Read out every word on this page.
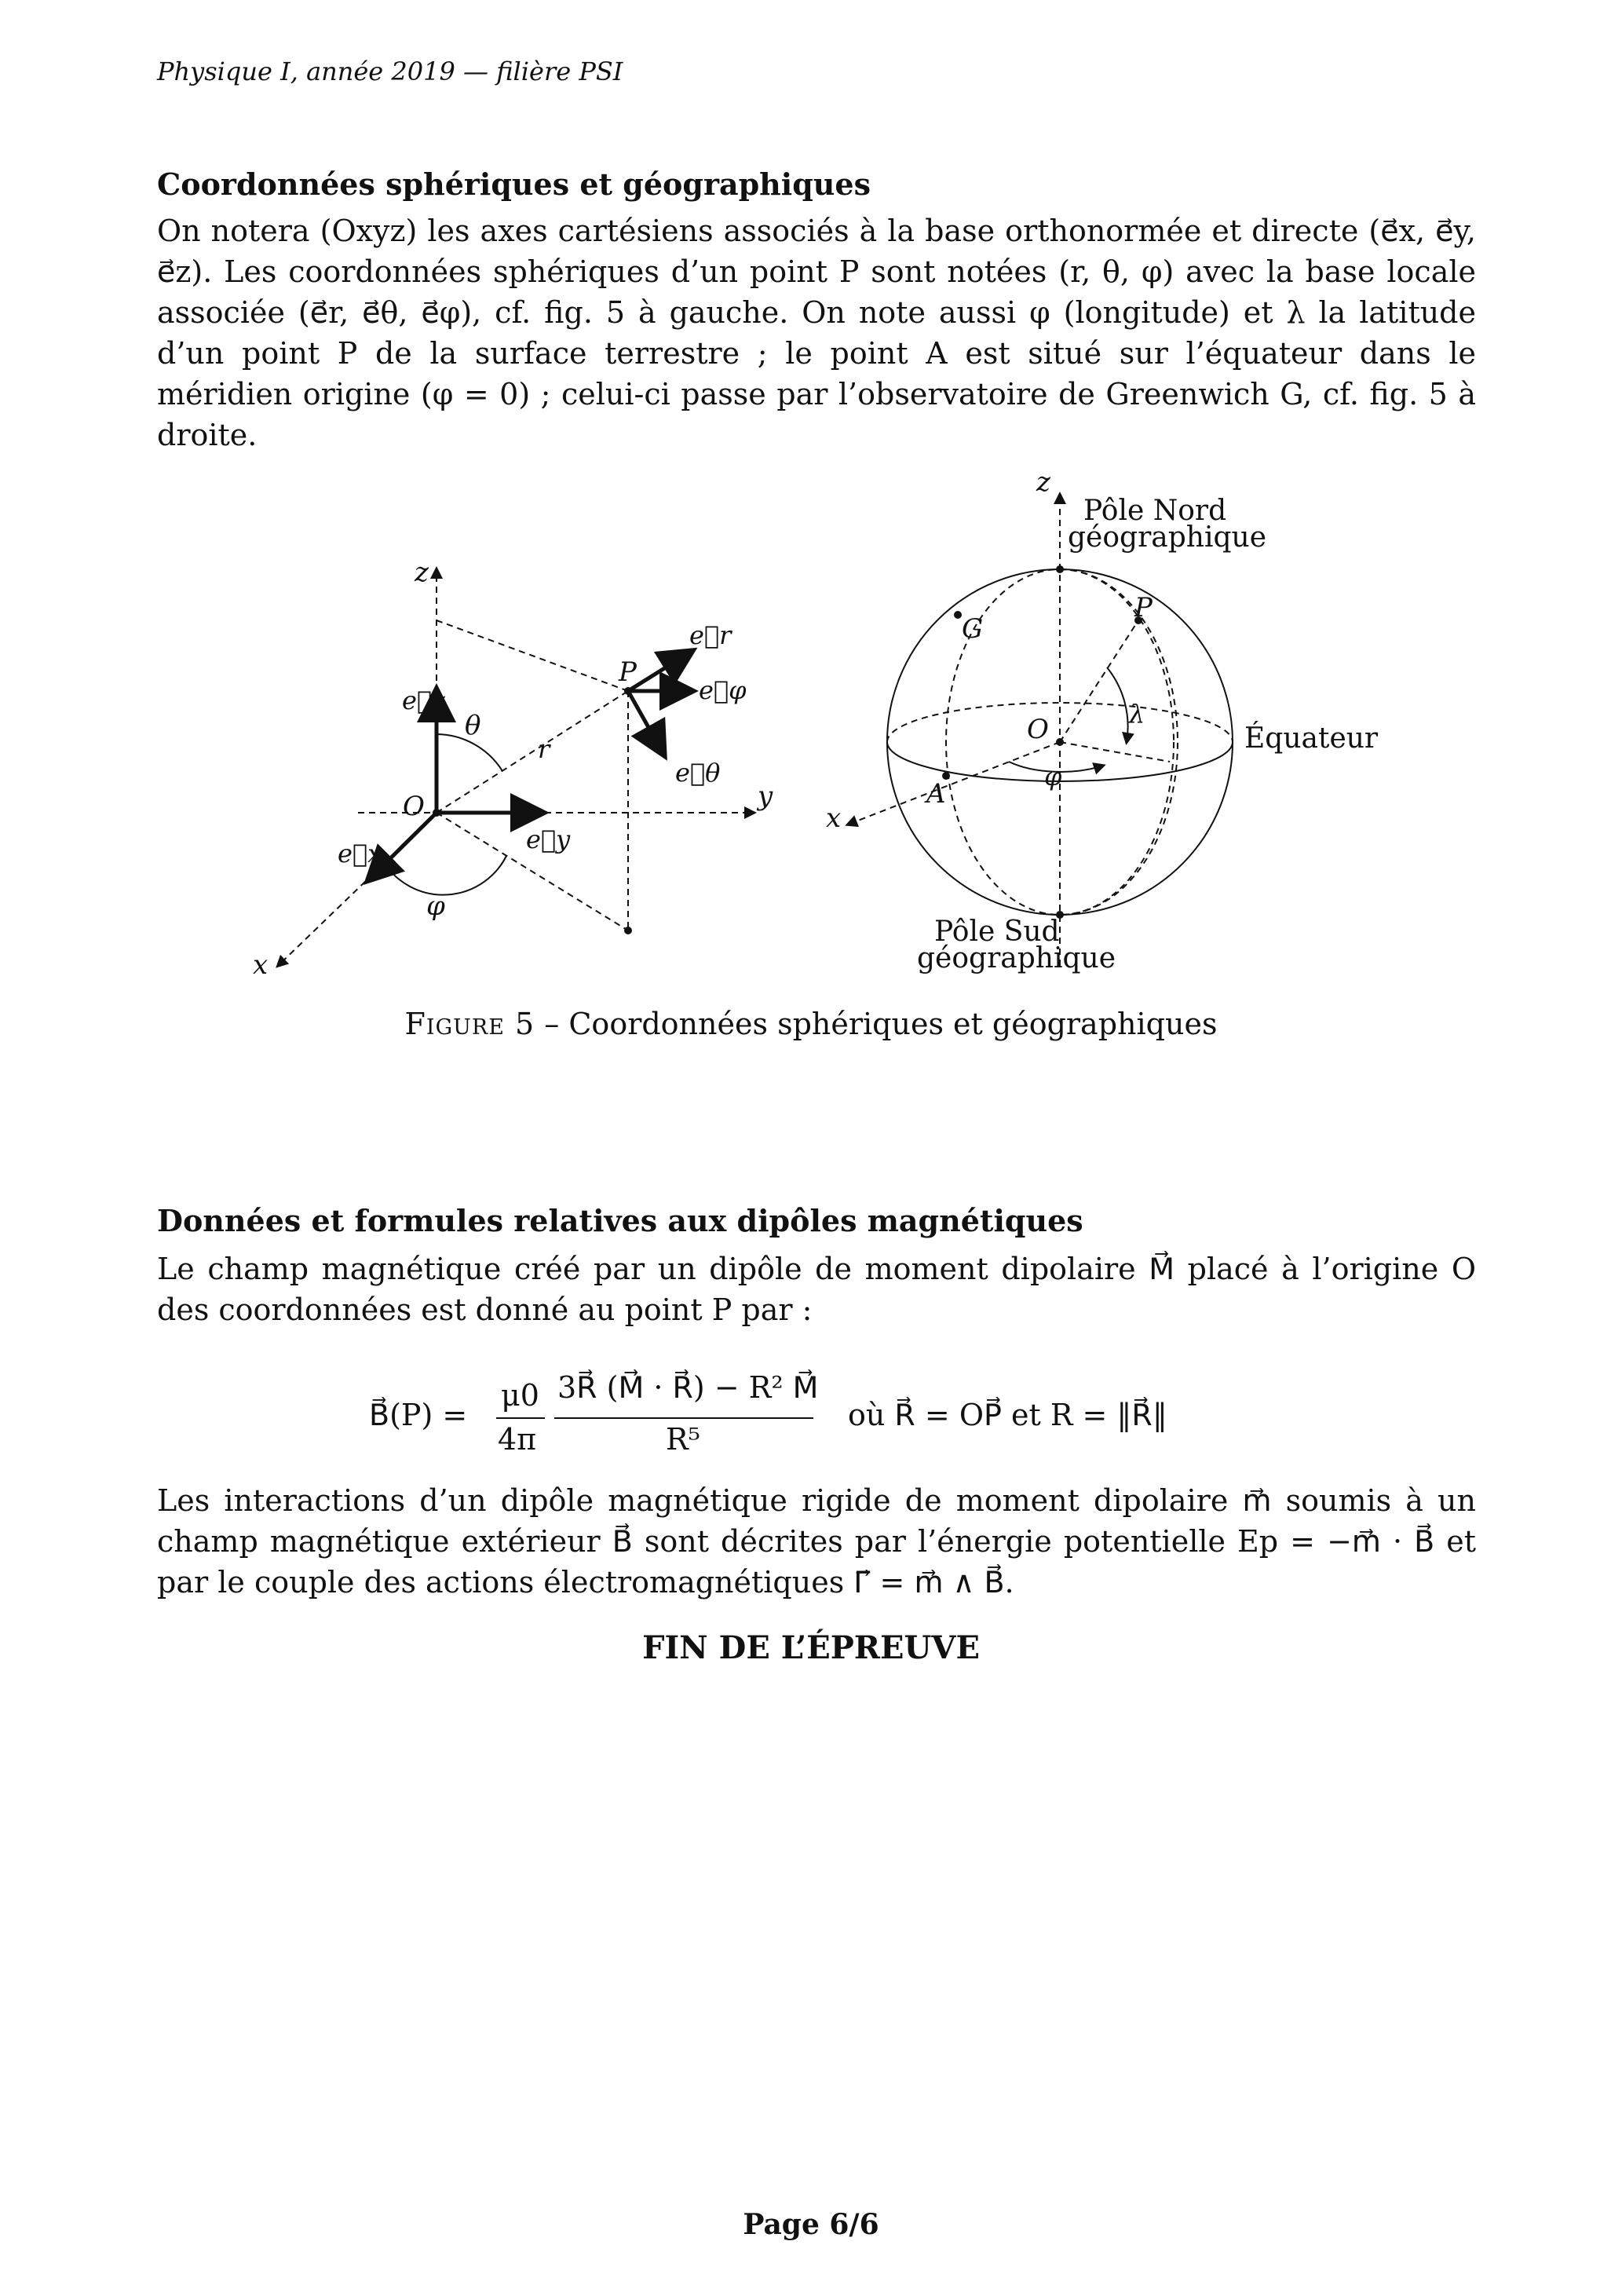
Physique I, année 2019 — filière PSI
Coordonnées sphériques et géographiques
On notera (Oxyz) les axes cartésiens associés à la base orthonormée et directe (e⃗x, e⃗y, e⃗z). Les coordonnées sphériques d’un point P sont notées (r, θ, φ) avec la base locale associée (e⃗r, e⃗θ, e⃗φ), cf. fig. 5 à gauche. On note aussi φ (longitude) et λ la latitude d’un point P de la surface terrestre ; le point A est situé sur l’équateur dans le méridien origine (φ = 0) ; celui-ci passe par l’observatoire de Greenwich G, cf. fig. 5 à droite.
z
x
y
O
P
e⃗z
e⃗x	e⃗y
e⃗r
e⃗φ
e⃗θ
θ
φ
r
z
x
O
P
G
A
λ
φ
Pôle Nord
géographique
Pôle Sud
géographique
Équateur
Figure 5 – Coordonnées sphériques et géographiques
Données et formules relatives aux dipôles magnétiques
Le champ magnétique créé par un dipôle de moment dipolaire M⃗ placé à l’origine O des coordonnées est donné au point P par :
B⃗(P) =
μ0
4π
3R⃗ (M⃗ · R⃗) − R² M⃗
R⁵
où R⃗ = OP⃗ et R = ‖R⃗‖
Les interactions d’un dipôle magnétique rigide de moment dipolaire m⃗ soumis à un champ magnétique extérieur B⃗ sont décrites par l’énergie potentielle Ep = −m⃗ · B⃗ et par le couple des actions électromagnétiques Γ⃗ = m⃗ ∧ B⃗.
FIN DE L’ÉPREUVE
Page 6/6
